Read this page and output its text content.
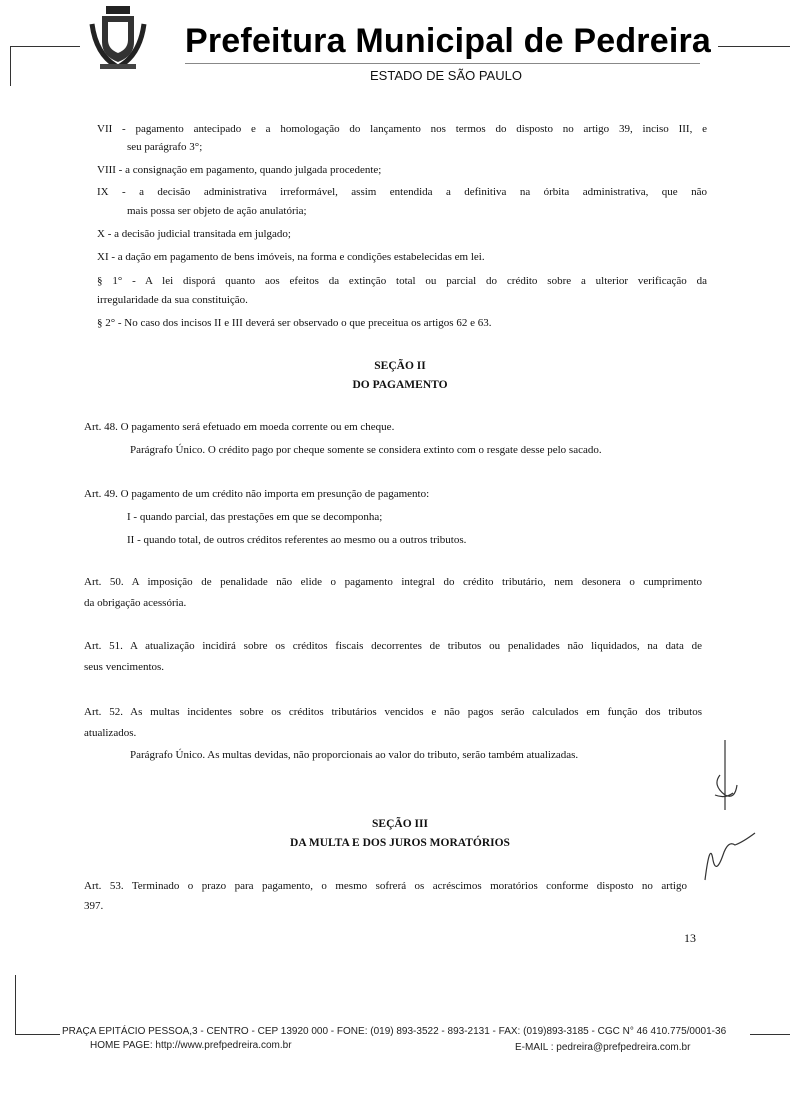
Prefeitura Municipal de Pedreira
ESTADO DE SÃO PAULO
VII - pagamento antecipado e a homologação do lançamento nos termos do disposto no artigo 39, inciso III, e
seu parágrafo 3°;
VIII - a consignação em pagamento, quando julgada procedente;
IX - a decisão administrativa irreformável, assim entendida a definitiva na órbita administrativa, que não
mais possa ser objeto de ação anulatória;
X - a decisão judicial transitada em julgado;
XI - a dação em pagamento de bens imóveis, na forma e condições estabelecidas em lei.
§ 1° - A lei disporá quanto aos efeitos da extinção total ou parcial do crédito sobre a ulterior verificação da
irregularidade da sua constituição.
§ 2° - No caso dos incisos II e III deverá ser observado o que preceitua os artigos 62 e 63.
SEÇÃO II
DO PAGAMENTO
Art. 48. O pagamento será efetuado em moeda corrente ou em cheque.
Parágrafo Único. O crédito pago por cheque somente se considera extinto com o resgate desse pelo sacado.
Art. 49. O pagamento de um crédito não importa em presunção de pagamento:
I - quando parcial, das prestações em que se decomponha;
II - quando total, de outros créditos referentes ao mesmo ou a outros tributos.
Art. 50. A imposição de penalidade não elide o pagamento integral do crédito tributário, nem desonera o cumprimento
da obrigação acessória.
Art. 51. A atualização incidirá sobre os créditos fiscais decorrentes de tributos ou penalidades não liquidados, na data de
seus vencimentos.
Art. 52. As multas incidentes sobre os créditos tributários vencidos e não pagos serão calculados em função dos tributos
atualizados.
Parágrafo Único. As multas devidas, não proporcionais ao valor do tributo, serão também atualizadas.
SEÇÃO III
DA MULTA E DOS JUROS MORATÓRIOS
Art. 53. Terminado o prazo para pagamento, o mesmo sofrerá os acréscimos moratórios conforme disposto no artigo
397.
13
PRAÇA EPITÁCIO PESSOA,3 - CENTRO - CEP 13920 000 - FONE: (019) 893-3522 - 893-2131 - FAX: (019)893-3185 - CGC N° 46 410.775/0001-36
HOME PAGE: http://www.prefpedreira.com.br	E-MAIL : pedreira@prefpedreira.com.br
